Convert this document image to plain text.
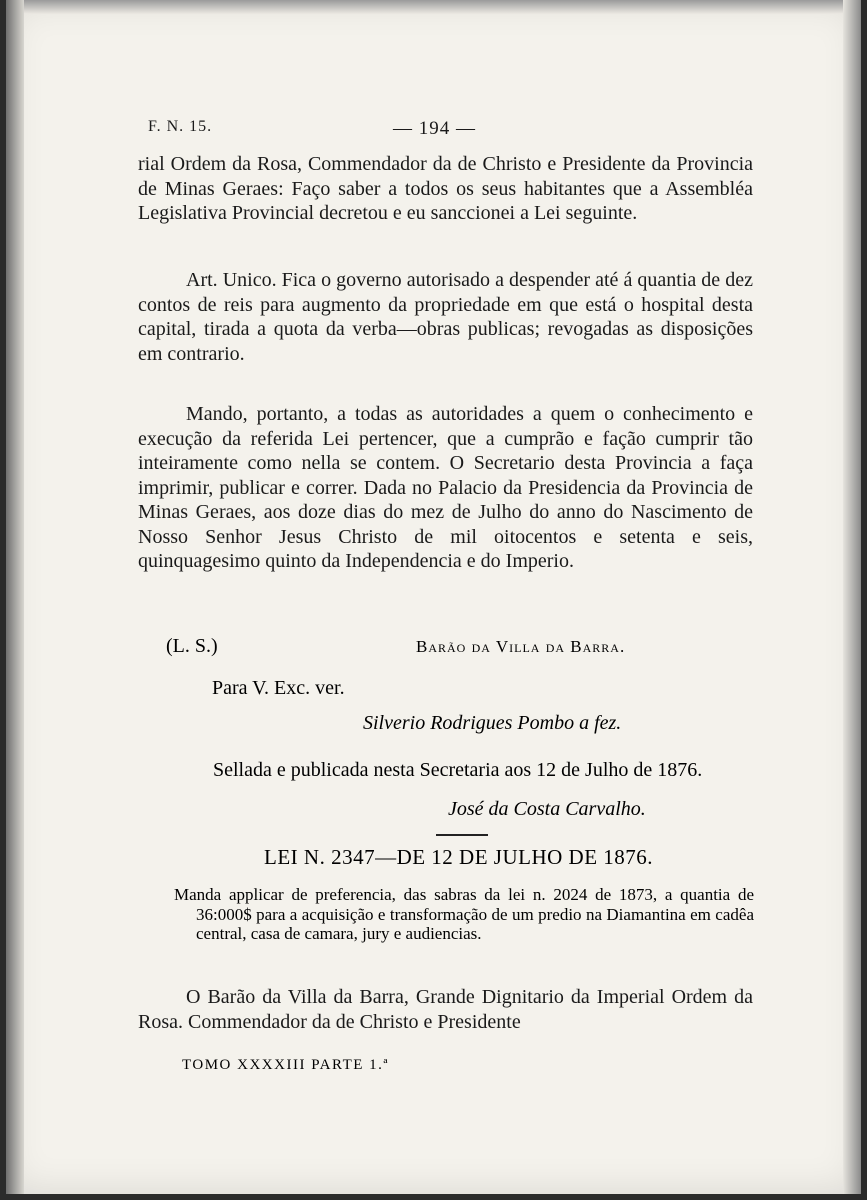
F. N. 15.	— 194 —
rial Ordem da Rosa, Commendador da de Christo e Presidente da Provincia de Minas Geraes: Faço saber a todos os seus habitantes que a Assembléa Legislativa Provincial decretou e eu sanccionei a Lei seguinte.
Art. Unico. Fica o governo autorisado a despender até á quantia de dez contos de reis para augmento da propriedade em que está o hospital desta capital, tirada a quota da verba—obras publicas; revogadas as disposições em contrario.
Mando, portanto, a todas as autoridades a quem o conhecimento e execução da referida Lei pertencer, que a cumprão e fação cumprir tão inteiramente como nella se contem. O Secretario desta Provincia a faça imprimir, publicar e correr. Dada no Palacio da Presidencia da Provincia de Minas Geraes, aos doze dias do mez de Julho do anno do Nascimento de Nosso Senhor Jesus Christo de mil oitocentos e setenta e seis, quinquagesimo quinto da Independencia e do Imperio.
(L. S.)	Barão da Villa da Barra.
Para V. Exc. ver.
Silverio Rodrigues Pombo a fez.
Sellada e publicada nesta Secretaria aos 12 de Julho de 1876.
José da Costa Carvalho.
LEI N. 2347—DE 12 DE JULHO DE 1876.
Manda applicar de preferencia, das sabras da lei n. 2024 de 1873, a quantia de 36:000$ para a acquisição e transformação de um predio na Diamantina em cadêa central, casa de camara, jury e audiencias.
O Barão da Villa da Barra, Grande Dignitario da Imperial Ordem da Rosa. Commendador da de Christo e Presidente
TOMO XXXXIII PARTE 1.ª
